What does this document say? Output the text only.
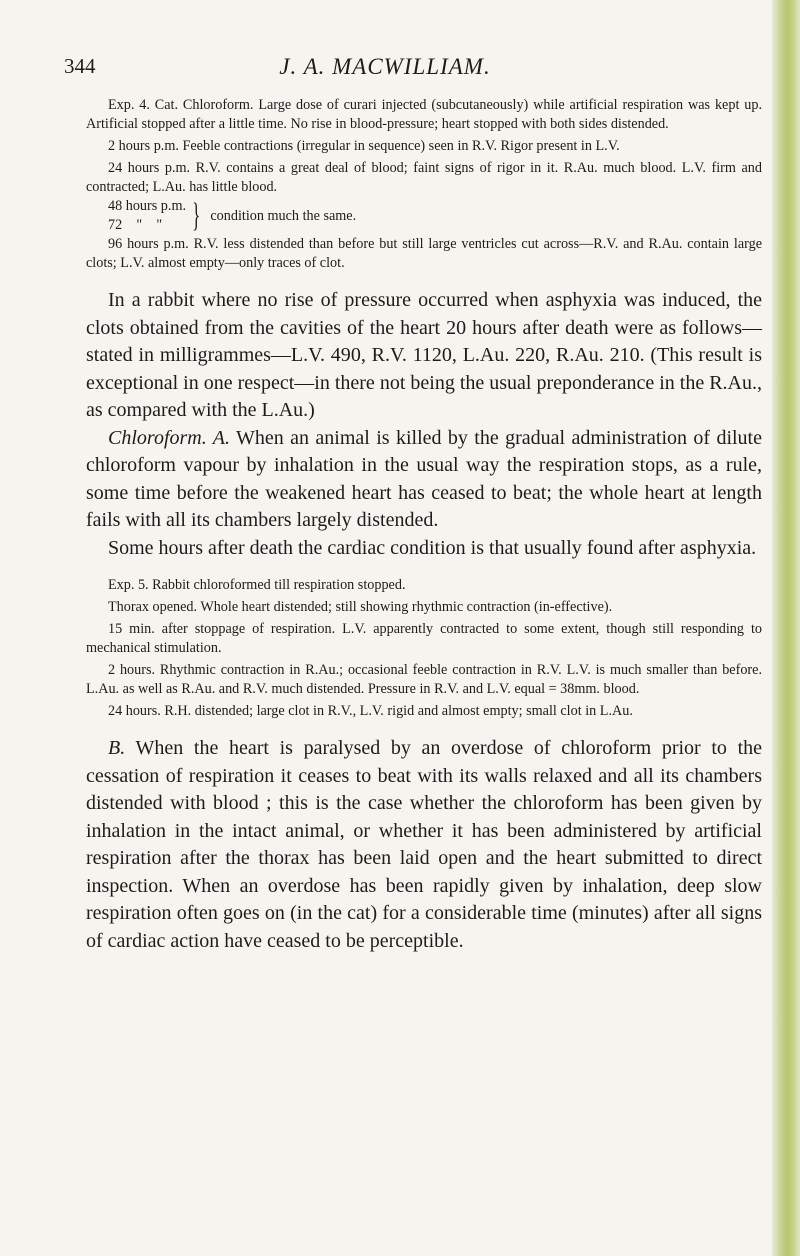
344	J. A. MACWILLIAM.

Exp. 4. Cat. Chloroform. Large dose of curari injected (subcutaneously) while artificial respiration was kept up. Artificial stopped after a little time. No rise in blood-pressure; heart stopped with both sides distended.

2 hours p.m. Feeble contractions (irregular in sequence) seen in R.V. Rigor present in L.V.

24 hours p.m. R.V. contains a great deal of blood; faint signs of rigor in it. R.Au. much blood. L.V. firm and contracted; L.Au. has little blood.

48 hours p.m.
72    "    " } condition much the same.

96 hours p.m. R.V. less distended than before but still large ventricles cut across—R.V. and R.Au. contain large clots; L.V. almost empty—only traces of clot.

In a rabbit where no rise of pressure occurred when asphyxia was induced, the clots obtained from the cavities of the heart 20 hours after death were as follows—stated in milligrammes—L.V. 490, R.V. 1120, L.Au. 220, R.Au. 210. (This result is exceptional in one respect—in there not being the usual preponderance in the R.Au., as compared with the L.Au.)

Chloroform. A. When an animal is killed by the gradual administration of dilute chloroform vapour by inhalation in the usual way the respiration stops, as a rule, some time before the weakened heart has ceased to beat; the whole heart at length fails with all its chambers largely distended.

Some hours after death the cardiac condition is that usually found after asphyxia.

Exp. 5. Rabbit chloroformed till respiration stopped.

Thorax opened. Whole heart distended; still showing rhythmic contraction (in-effective).

15 min. after stoppage of respiration. L.V. apparently contracted to some extent, though still responding to mechanical stimulation.

2 hours. Rhythmic contraction in R.Au.; occasional feeble contraction in R.V. L.V. is much smaller than before. L.Au. as well as R.Au. and R.V. much distended. Pressure in R.V. and L.V. equal = 38mm. blood.

24 hours. R.H. distended; large clot in R.V., L.V. rigid and almost empty; small clot in L.Au.

B. When the heart is paralysed by an overdose of chloroform prior to the cessation of respiration it ceases to beat with its walls relaxed and all its chambers distended with blood ; this is the case whether the chloroform has been given by inhalation in the intact animal, or whether it has been administered by artificial respiration after the thorax has been laid open and the heart submitted to direct inspection. When an overdose has been rapidly given by inhalation, deep slow respiration often goes on (in the cat) for a considerable time (minutes) after all signs of cardiac action have ceased to be perceptible.
